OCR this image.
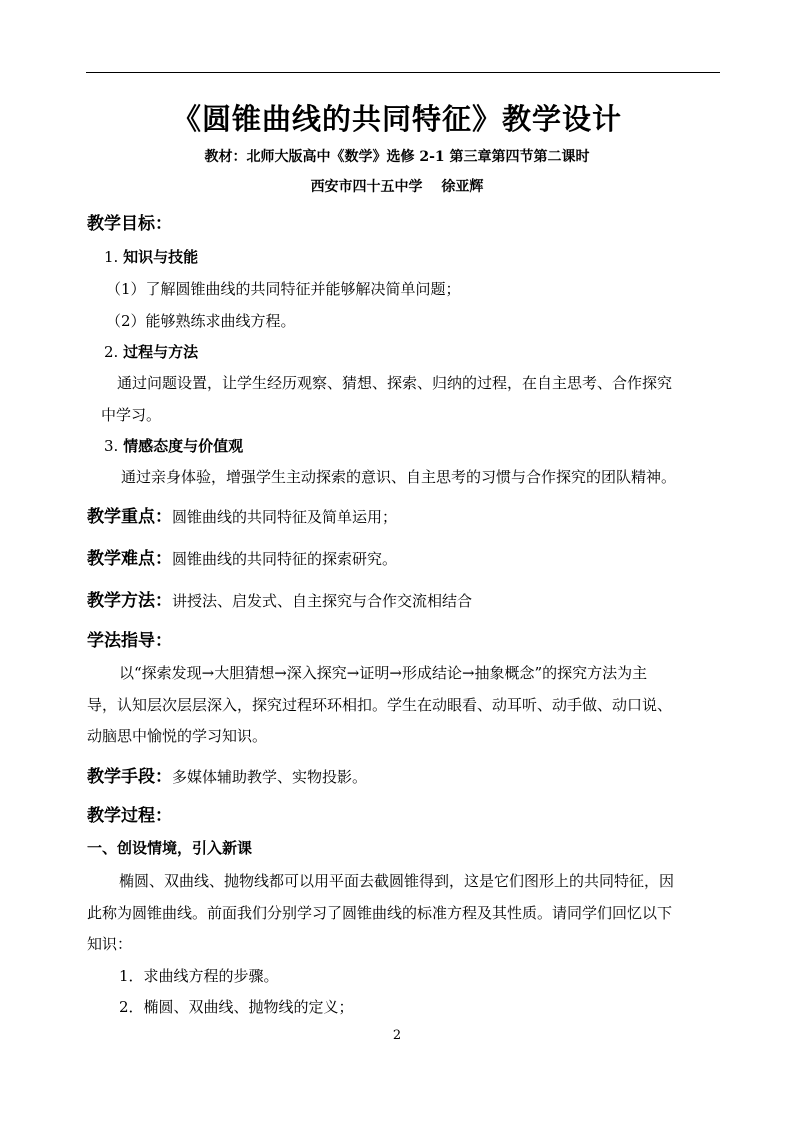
《圆锥曲线的共同特征》教学设计
教材：北师大版高中《数学》选修 2-1 第三章第四节第二课时
西安市四十五中学　 徐亚辉
教学目标：
1. 知识与技能
（1）了解圆锥曲线的共同特征并能够解决简单问题；
（2）能够熟练求曲线方程。
2. 过程与方法
通过问题设置，让学生经历观察、猜想、探索、归纳的过程，在自主思考、合作探究
中学习。
3. 情感态度与价值观
通过亲身体验，增强学生主动探索的意识、自主思考的习惯与合作探究的团队精神。
教学重点：圆锥曲线的共同特征及简单运用；
教学难点：圆锥曲线的共同特征的探索研究。
教学方法：讲授法、启发式、自主探究与合作交流相结合
学法指导：
以“探索发现→大胆猜想→深入探究→证明→形成结论→抽象概念”的探究方法为主
导，认知层次层层深入，探究过程环环相扣。学生在动眼看、动耳听、动手做、动口说、
动脑思中愉悦的学习知识。
教学手段：多媒体辅助教学、实物投影。
教学过程：
一、创设情境，引入新课
椭圆、双曲线、抛物线都可以用平面去截圆锥得到，这是它们图形上的共同特征，因
此称为圆锥曲线。前面我们分别学习了圆锥曲线的标准方程及其性质。请同学们回忆以下
知识：
1．求曲线方程的步骤。
2．椭圆、双曲线、抛物线的定义；
2
